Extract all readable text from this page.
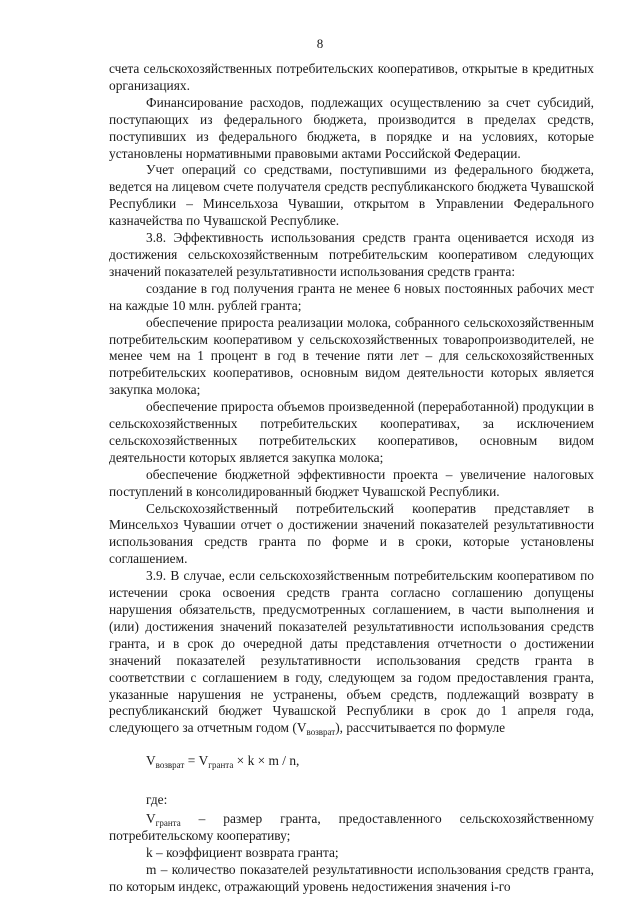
8

счета сельскохозяйственных потребительских кооперативов, открытые в кредитных организациях.

Финансирование расходов, подлежащих осуществлению за счет субсидий, поступающих из федерального бюджета, производится в пределах средств, поступивших из федерального бюджета, в порядке и на условиях, которые установлены нормативными правовыми актами Российской Федерации.

Учет операций со средствами, поступившими из федерального бюджета, ведется на лицевом счете получателя средств республиканского бюджета Чувашской Республики – Минсельхоза Чувашии, открытом в Управлении Федерального казначейства по Чувашской Республике.

3.8. Эффективность использования средств гранта оценивается исходя из достижения сельскохозяйственным потребительским кооперативом следующих значений показателей результативности использования средств гранта:

создание в год получения гранта не менее 6 новых постоянных рабочих мест на каждые 10 млн. рублей гранта;

обеспечение прироста реализации молока, собранного сельскохозяйственным потребительским кооперативом у сельскохозяйственных товаропроизводителей, не менее чем на 1 процент в год в течение пяти лет – для сельскохозяйственных потребительских кооперативов, основным видом деятельности которых является закупка молока;

обеспечение прироста объемов произведенной (переработанной) продукции в сельскохозяйственных потребительских кооперативах, за исключением сельскохозяйственных потребительских кооперативов, основным видом деятельности которых является закупка молока;

обеспечение бюджетной эффективности проекта – увеличение налоговых поступлений в консолидированный бюджет Чувашской Республики.

Сельскохозяйственный потребительский кооператив представляет в Минсельхоз Чувашии отчет о достижении значений показателей результативности использования средств гранта по форме и в сроки, которые установлены соглашением.

3.9. В случае, если сельскохозяйственным потребительским кооперативом по истечении срока освоения средств гранта согласно соглашению допущены нарушения обязательств, предусмотренных соглашением, в части выполнения и (или) достижения значений показателей результативности использования средств гранта, и в срок до очередной даты представления отчетности о достижении значений показателей результативности использования средств гранта в соответствии с соглашением в году, следующем за годом предоставления гранта, указанные нарушения не устранены, объем средств, подлежащий возврату в республиканский бюджет Чувашской Республики в срок до 1 апреля года, следующего за отчетным годом $(V_{возврат})$, рассчитывается по формуле

$V_{возврат} = V_{гранта} \times k \times m / n$,

где:

$V_{гранта}$ – размер гранта, предоставленного сельскохозяйственному потребительскому кооперативу;

k – коэффициент возврата гранта;

m – количество показателей результативности использования средств гранта, по которым индекс, отражающий уровень недостижения значения i-го
